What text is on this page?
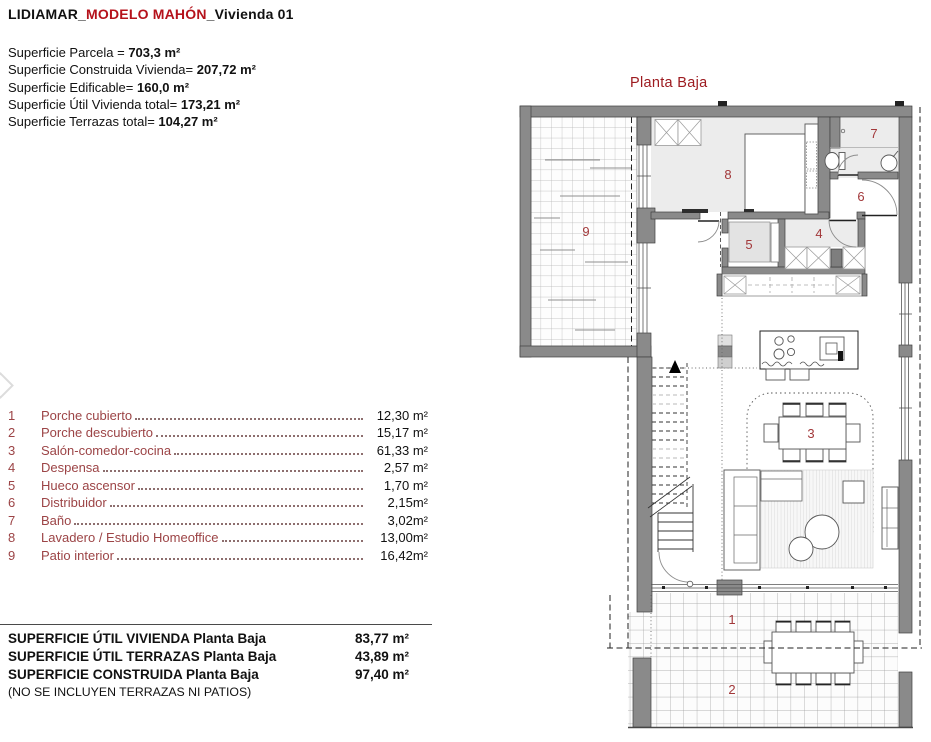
LIDIAMAR_MODELO MAHÓN_Vivienda 01
Superficie Parcela = 703,3 m²
Superficie Construida Vivienda= 207,72 m²
Superficie Edificable= 160,0 m²
Superficie Útil Vivienda total= 173,21 m²
Superficie Terrazas total= 104,27 m²
1	Porche cubierto	12,30 m²
2	Porche descubierto	15,17 m²
3	Salón-comedor-cocina	61,33 m²
4	Despensa	2,57 m²
5	Hueco ascensor	1,70 m²
6	Distribuidor	2,15m²
7	Baño	3,02m²
8	Lavadero / Estudio Homeoffice	13,00m²
9	Patio interior	16,42m²
SUPERFICIE ÚTIL VIVIENDA Planta Baja	83,77 m²
SUPERFICIE ÚTIL TERRAZAS Planta Baja	43,89 m²
SUPERFICIE CONSTRUIDA Planta Baja	97,40 m²
(NO SE INCLUYEN TERRAZAS NI PATIOS)
Planta Baja
1
2
3
4
5
6
7
8
9
